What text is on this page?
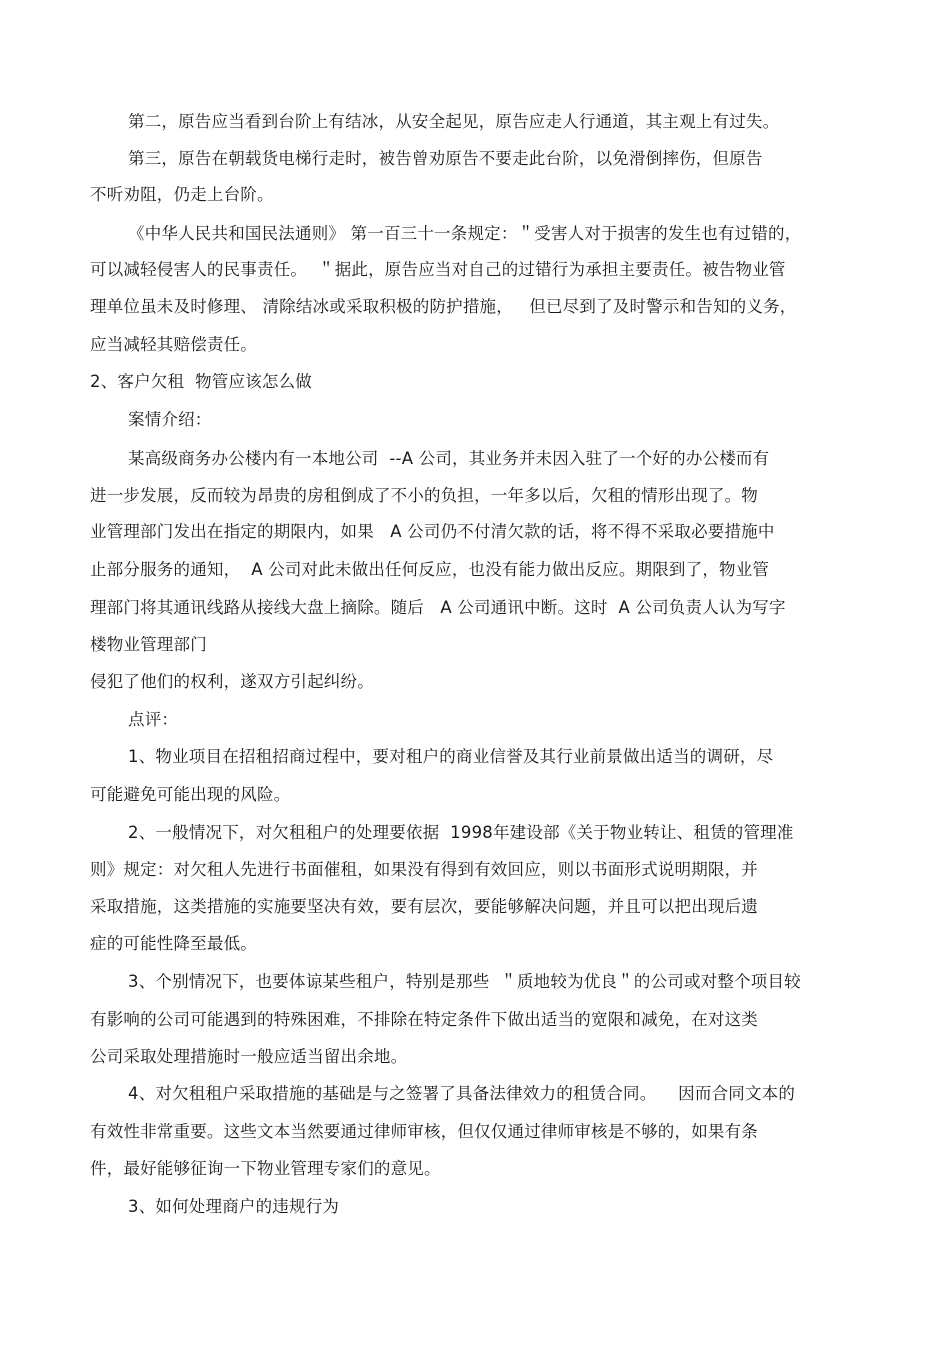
第二，原告应当看到台阶上有结冰，从安全起见，原告应走人行通道，其主观上有过失。
第三，原告在朝载货电梯行走时，被告曾劝原告不要走此台阶，以免滑倒摔伤，但原告
不听劝阻，仍走上台阶。
《中华人民共和国民法通则》 第一百三十一条规定：＂受害人对于损害的发生也有过错的，
可以减轻侵害人的民事责任。  ＂据此，原告应当对自己的过错行为承担主要责任。被告物业管
理单位虽未及时修理、 清除结冰或采取积极的防护措施，   但已尽到了及时警示和告知的义务，
应当减轻其赔偿责任。
2、客户欠租  物管应该怎么做
案情介绍：
某高级商务办公楼内有一本地公司  --A 公司，其业务并未因入驻了一个好的办公楼而有
进一步发展，反而较为昂贵的房租倒成了不小的负担，一年多以后，欠租的情形出现了。物
业管理部门发出在指定的期限内，如果   A 公司仍不付清欠款的话，将不得不采取必要措施中
止部分服务的通知，  A 公司对此未做出任何反应，也没有能力做出反应。期限到了，物业管
理部门将其通讯线路从接线大盘上摘除。随后   A 公司通讯中断。这时  A 公司负责人认为写字
楼物业管理部门
侵犯了他们的权利，遂双方引起纠纷。
点评：
1、物业项目在招租招商过程中，要对租户的商业信誉及其行业前景做出适当的调研，尽
可能避免可能出现的风险。
2、一般情况下，对欠租租户的处理要依据  1998年建设部《关于物业转让、租赁的管理准
则》规定：对欠租人先进行书面催租，如果没有得到有效回应，则以书面形式说明期限，并
采取措施，这类措施的实施要坚决有效，要有层次，要能够解决问题，并且可以把出现后遗
症的可能性降至最低。
3、个别情况下，也要体谅某些租户，特别是那些  ＂质地较为优良＂的公司或对整个项目较
有影响的公司可能遇到的特殊困难，不排除在特定条件下做出适当的宽限和减免，在对这类
公司采取处理措施时一般应适当留出余地。
4、对欠租租户采取措施的基础是与之签署了具备法律效力的租赁合同。    因而合同文本的
有效性非常重要。这些文本当然要通过律师审核，但仅仅通过律师审核是不够的，如果有条
件，最好能够征询一下物业管理专家们的意见。
3、如何处理商户的违规行为
